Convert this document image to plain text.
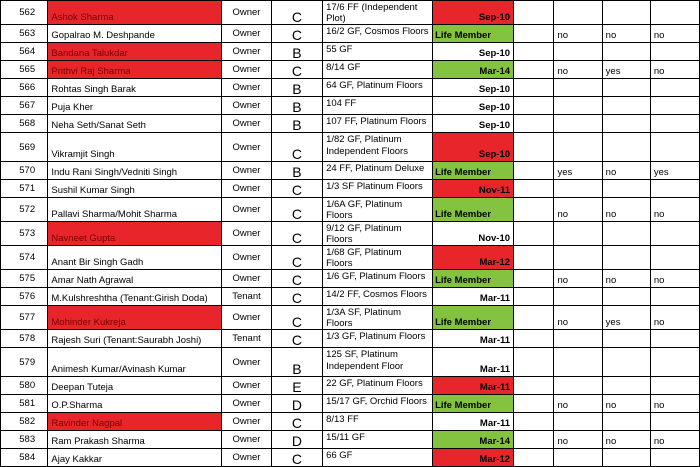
562	Ashok Sharma	Owner	C	17/6 FF (Independent Plot)	Sep-10				
563	Gopalrao M. Deshpande	Owner	C	16/2 GF, Cosmos Floors	Life Member		no	no	no
564	Bandana Talukdar	Owner	B	55 GF	Sep-10				
565	Prithvi Raj Sharma	Owner	C	8/14 GF	Mar-14		no	yes	no
566	Rohtas Singh Barak	Owner	B	64 GF, Platinum Floors	Sep-10				
567	Puja Kher	Owner	B	104 FF	Sep-10				
568	Neha Seth/Sanat Seth	Owner	B	107 FF, Platinum Floors	Sep-10				
569	Vikramjit Singh	Owner	C	1/82 GF, Platinum Independent Floors	Sep-10				
570	Indu Rani Singh/Vedniti Singh	Owner	B	24 FF, Platinum Deluxe	Life Member		yes	no	yes
571	Sushil Kumar Singh	Owner	C	1/3 SF Platinum Floors	Nov-11				
572	Pallavi Sharma/Mohit Sharma	Owner	C	1/6A GF, Platinum Floors	Life Member		no	no	no
573	Navneet Gupta	Owner	C	9/12 GF, Platinum Floors	Nov-10				
574	Anant Bir Singh Gadh	Owner	C	1/68 GF, Platinum Floors	Mar-12				
575	Amar Nath Agrawal	Owner	C	1/6 GF, Platinum Floors	Life Member		no	no	no
576	M.Kulshreshtha (Tenant:Girish Doda)	Tenant	C	14/2 FF, Cosmos Floors	Mar-11				
577	Mohinder Kukreja	Owner	C	1/3A SF, Platinum Floors	Life Member		no	yes	no
578	Rajesh Suri (Tenant:Saurabh Joshi)	Tenant	C	1/3 GF, Platinum Floors	Mar-11				
579	Animesh Kumar/Avinash Kumar	Owner	B	125 SF, Platinum Independent Floor	Mar-11				
580	Deepan Tuteja	Owner	E	22 GF, Platinum Floors	Mar-11				
581	O.P.Sharma	Owner	D	15/17 GF, Orchid Floors	Life Member		no	no	no
582	Ravinder Nagpal	Owner	C	8/13 FF	Mar-11				
583	Ram Prakash Sharma	Owner	D	15/11 GF	Mar-14		no	no	no
584	Ajay Kakkar	Owner	C	66 GF	Mar-12				
